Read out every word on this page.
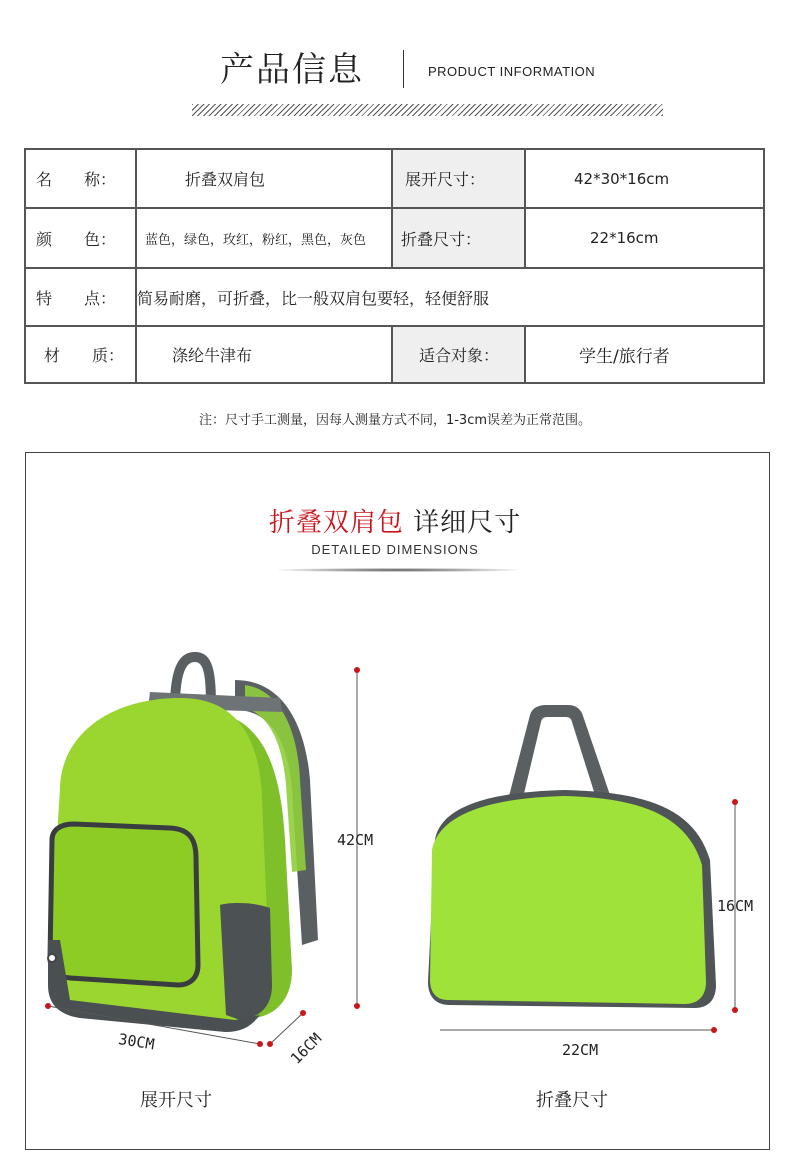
产品信息	PRODUCT INFORMATION
名　　称：	折叠双肩包	展开尺寸：	42*30*16cm
颜　　色：	蓝色，绿色，玫红，粉红，黑色，灰色	折叠尺寸：	22*16cm
特　　点：	简易耐磨，可折叠，比一般双肩包要轻，轻便舒服
材　　质：	涤纶牛津布	适合对象：	学生/旅行者
注：尺寸手工测量，因每人测量方式不同，1-3cm误差为正常范围。
折叠双肩包 详细尺寸
DETAILED DIMENSIONS
42CM
30CM	16CM
16CM
22CM
展开尺寸	折叠尺寸
